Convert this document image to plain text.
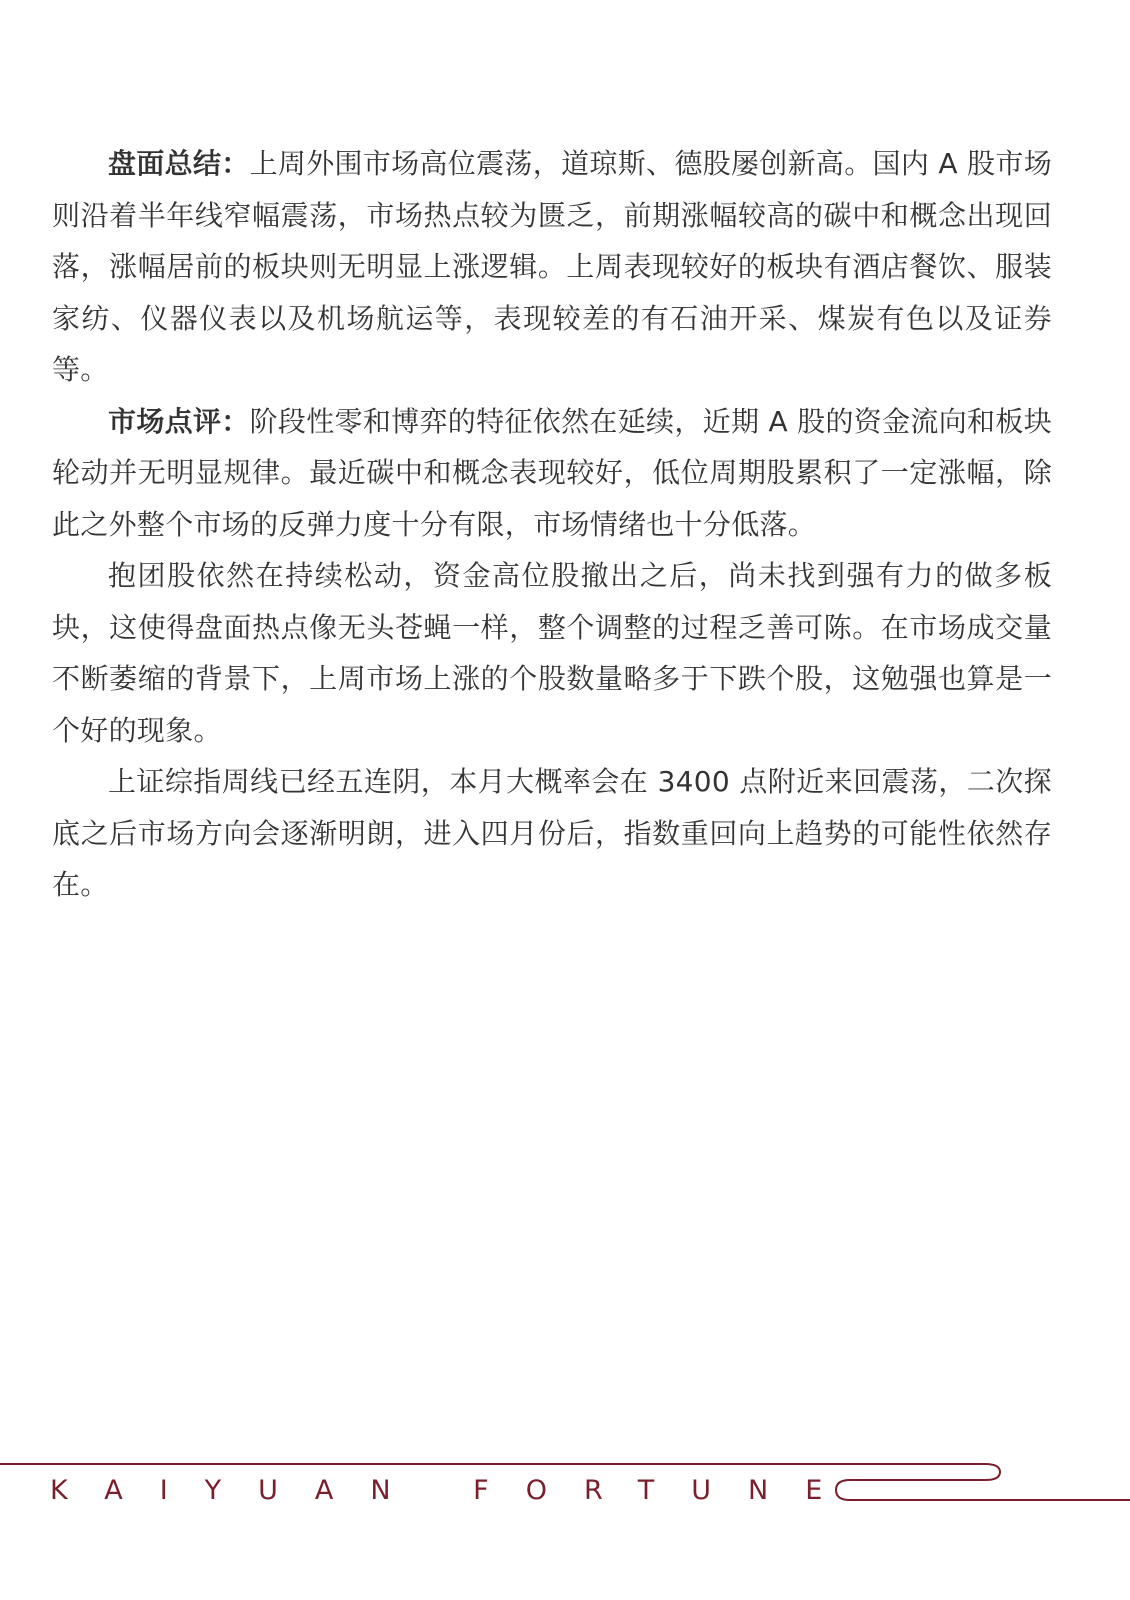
盘面总结：上周外围市场高位震荡，道琼斯、德股屡创新高。国内 A 股市场则沿着半年线窄幅震荡，市场热点较为匮乏，前期涨幅较高的碳中和概念出现回落，涨幅居前的板块则无明显上涨逻辑。上周表现较好的板块有酒店餐饮、服装家纺、仪器仪表以及机场航运等，表现较差的有石油开采、煤炭有色以及证券等。

市场点评：阶段性零和博弈的特征依然在延续，近期 A 股的资金流向和板块轮动并无明显规律。最近碳中和概念表现较好，低位周期股累积了一定涨幅，除此之外整个市场的反弹力度十分有限，市场情绪也十分低落。

抱团股依然在持续松动，资金高位股撤出之后，尚未找到强有力的做多板块，这使得盘面热点像无头苍蝇一样，整个调整的过程乏善可陈。在市场成交量不断萎缩的背景下，上周市场上涨的个股数量略多于下跌个股，这勉强也算是一个好的现象。

上证综指周线已经五连阴，本月大概率会在 3400 点附近来回震荡，二次探底之后市场方向会逐渐明朗，进入四月份后，指数重回向上趋势的可能性依然存在。

KAIYUAN FORTUNE
